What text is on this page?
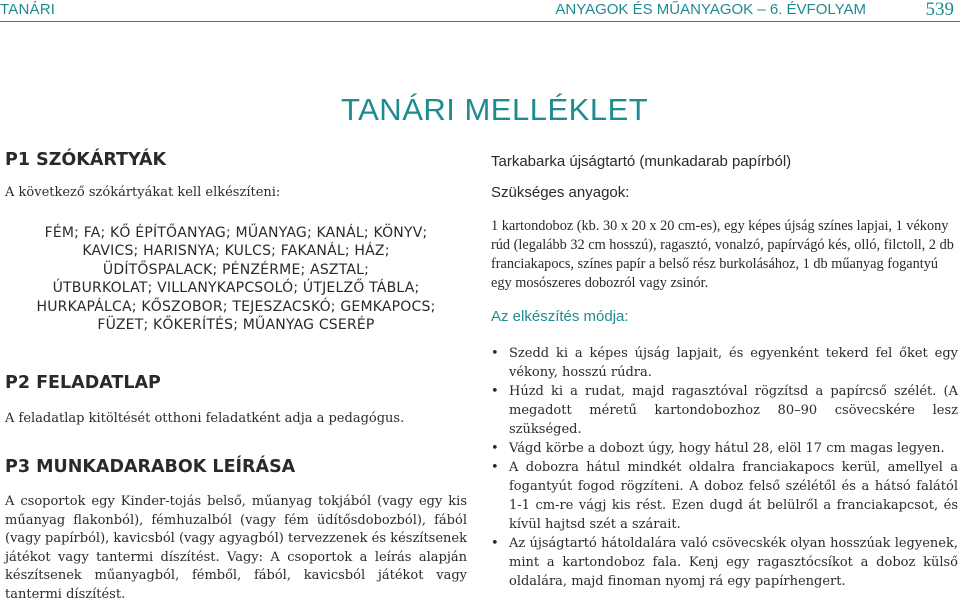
TANÁRI	ANYAGOK ÉS MŰANYAGOK – 6. ÉVFOLYAM	539
TANÁRI MELLÉKLET
P1 SZÓKÁRTYÁK

A következő szókártyákat kell elkészíteni:

FÉM; FA; KŐ ÉPÍTŐANYAG; MŰANYAG; KANÁL; KÖNYV;
KAVICS; HARISNYA; KULCS; FAKANÁL; HÁZ;
ÜDÍTŐSPALACK; PÉNZÉRME; ASZTAL;
ÚTBURKOLAT; VILLANYKAPCSOLÓ; ÚTJELZŐ TÁBLA;
HURKAPÁLCA; KŐSZOBOR; TEJESZACSKÓ; GEMKAPOCS;
FÜZET; KŐKERÍTÉS; MŰANYAG CSERÉP
P2 FELADATLAP

A feladatlap kitöltését otthoni feladatként adja a pedagógus.

P3 MUNKADARABOK LEÍRÁSA

A csoportok egy Kinder-tojás belső, műanyag tokjából (vagy egy kis műanyag flakonból), fémhuzalból (vagy fém üdítősdobozból), fából (vagy papírból), kavicsból (vagy agyagból) tervezzenek és készítsenek játékot vagy tantermi díszítést. Vagy: A csoportok a leírás alapján készítsenek műanyagból, fémből, fából, kavicsból játékot vagy tantermi díszítést.

Tarkabarka újságtartó (munkadarab papírból)

Szükséges anyagok:

1 kartondoboz (kb. 30 x 20 x 20 cm-es), egy képes újság színes lapjai, 1 vékony rúd (legalább 32 cm hosszú), ragasztó, vonalzó, papírvágó kés, olló, filctoll, 2 db franciakapocs, színes papír a belső rész burkolásához, 1 db műanyag fogantyú egy mosószeres dobozról vagy zsinór.

Az elkészítés módja:

• Szedd ki a képes újság lapjait, és egyenként tekerd fel őket egy vékony, hosszú rúdra.
• Húzd ki a rudat, majd ragasztóval rögzítsd a papírcső szélét. (A megadott méretű kartondobozhoz 80–90 csövecskére lesz szükséged.
• Vágd körbe a dobozt úgy, hogy hátul 28, elöl 17 cm magas legyen.
• A dobozra hátul mindkét oldalra franciakapocs kerül, amellyel a fogantyút fogod rögzíteni. A doboz felső szélétől és a hátsó falától 1-1 cm-re vágj kis rést. Ezen dugd át belülről a franciakapcsot, és kívül hajtsd szét a szárait.
• Az újságtartó hátoldalára való csövecskék olyan hosszúak legyenek, mint a kartondoboz fala. Kenj egy ragasztócsíkot a doboz külső oldalára, majd finoman nyomj rá egy papírhengert.
